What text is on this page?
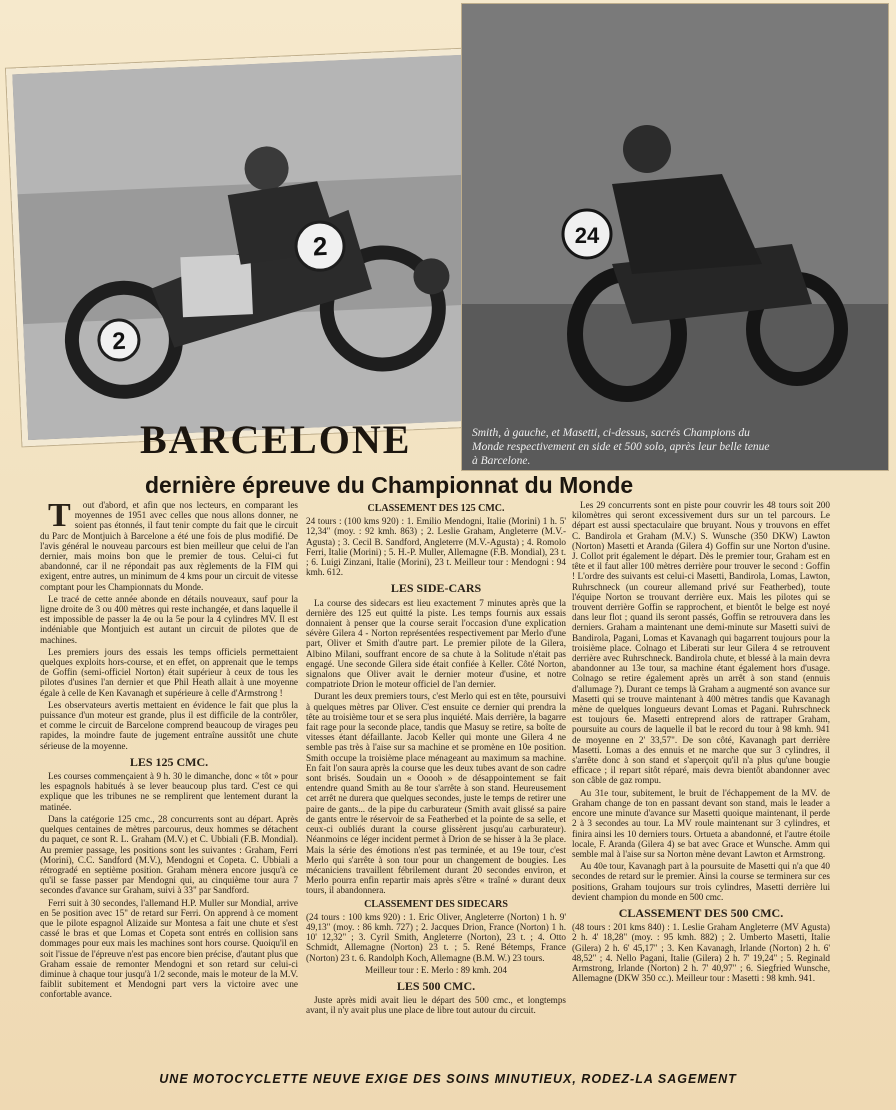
2
2
24
Smith, à gauche, et Masetti, ci-dessus, sacrés Champions du Monde respectivement en side et 500 solo, après leur belle tenue à Barcelone.
BARCELONE
dernière épreuve du Championnat du Monde

T out d'abord, et afin que nos lecteurs, en comparant les moyennes de 1951 avec celles que nous allons donner, ne soient pas étonnés, il faut tenir compte du fait que le circuit du Parc de Montjuich à Barcelone a été une fois de plus modifié. De l'avis général le nouveau parcours est bien meilleur que celui de l'an dernier, mais moins bon que le premier de tous. Celui-ci fut abandonné, car il ne répondait pas aux règlements de la FIM qui exigent, entre autres, un minimum de 4 kms pour un circuit de vitesse comptant pour les Championnats du Monde.

Le tracé de cette année abonde en détails nouveaux, sauf pour la ligne droite de 3 ou 400 mètres qui reste inchangée, et dans laquelle il est impossible de passer la 4e ou la 5e pour la 4 cylindres MV. Il est indéniable que Montjuich est autant un circuit de pilotes que de machines.

Les premiers jours des essais les temps officiels permettaient quelques exploits hors-course, et en effet, on apprenait que le temps de Goffin (semi-officiel Norton) était supérieur à ceux de tous les pilotes d'usines l'an dernier et que Phil Heath allait à une moyenne égale à celle de Ken Kavanagh et supérieure à celle d'Armstrong !

Les observateurs avertis mettaient en évidence le fait que plus la puissance d'un moteur est grande, plus il est difficile de la contrôler, et comme le circuit de Barcelone comprend beaucoup de virages peu rapides, la moindre faute de jugement entraîne aussitôt une chute sérieuse de la moyenne.

LES 125 CMC.

Les courses commençaient à 9 h. 30 le dimanche, donc « tôt » pour les espagnols habitués à se lever beaucoup plus tard. C'est ce qui explique que les tribunes ne se remplirent que lentement durant la matinée.

Dans la catégorie 125 cmc., 28 concurrents sont au départ. Après quelques centaines de mètres parcourus, deux hommes se détachent du paquet, ce sont R. L. Graham (M.V.) et C. Ubbiali (F.B. Mondial). Au premier passage, les positions sont les suivantes : Graham, Ferri (Morini), C.C. Sandford (M.V.), Mendogni et Copeta. C. Ubbiali a rétrogradé en septième position. Graham mènera encore jusqu'à ce qu'il se fasse passer par Mendogni qui, au cinquième tour aura 7 secondes d'avance sur Graham, suivi à 33" par Sandford.

Ferri suit à 30 secondes, l'allemand H.P. Muller sur Mondial, arrive en 5e position avec 15" de retard sur Ferri. On apprend à ce moment que le pilote espagnol Alizaide sur Montesa a fait une chute et s'est cassé le bras et que Lomas et Copeta sont entrés en collision sans dommages pour eux mais les machines sont hors course. Quoiqu'il en soit l'issue de l'épreuve n'est pas encore bien précise, d'autant plus que Graham essaie de remonter Mendogni et son retard sur celui-ci diminue à chaque tour jusqu'à 1/2 seconde, mais le moteur de la M.V. faiblit subitement et Mendogni part vers la victoire avec une confortable avance.

CLASSEMENT DES 125 CMC.

24 tours : (100 kms 920) : 1. Emilio Mendogni, Italie (Morini) 1 h. 5' 12,34" (moy. : 92 kmh. 863) ; 2. Leslie Graham, Angleterre (M.V.-Agusta) ; 3. Cecil B. Sandford, Angleterre (M.V.-Agusta) ; 4. Romolo Ferri, Italie (Morini) ; 5. H.-P. Muller, Allemagne (F.B. Mondial), 23 t. ; 6. Luigi Zinzani, Italie (Morini), 23 t. Meilleur tour : Mendogni : 94 kmh. 612.

LES SIDE-CARS

La course des sidecars est lieu exactement 7 minutes après que la dernière des 125 eut quitté la piste. Les temps fournis aux essais donnaient à penser que la course serait l'occasion d'une explication sévère Gilera 4 - Norton représentées respectivement par Merlo d'une part, Oliver et Smith d'autre part. Le premier pilote de la Gilera, Albino Milani, souffrant encore de sa chute à la Solitude n'était pas engagé. Une seconde Gilera side était confiée à Keller. Côté Norton, signalons que Oliver avait le dernier moteur d'usine, et notre compatriote Drion le moteur officiel de l'an dernier.

Durant les deux premiers tours, c'est Merlo qui est en tête, poursuivi à quelques mètres par Oliver. C'est ensuite ce dernier qui prendra la tête au troisième tour et se sera plus inquiété. Mais derrière, la bagarre fait rage pour la seconde place, tandis que Masuy se retire, sa boîte de vitesses étant défaillante. Jacob Keller qui monte une Gilera 4 ne semble pas très à l'aise sur sa machine et se promène en 10e position. Smith occupe la troisième place ménageant au maximum sa machine. En fait l'on saura après la course que les deux tubes avant de son cadre sont brisés. Soudain un « Ooooh » de désappointement se fait entendre quand Smith au 8e tour s'arrête à son stand. Heureusement cet arrêt ne durera que quelques secondes, juste le temps de retirer une paire de gants... de la pipe du carburateur (Smith avait glissé sa paire de gants entre le réservoir de sa Featherbed et la pointe de sa selle, et ceux-ci oubliés durant la course glissèrent jusqu'au carburateur). Néanmoins ce léger incident permet à Drion de se hisser à la 3e place. Mais la série des émotions n'est pas terminée, et au 19e tour, c'est Merlo qui s'arrête à son tour pour un changement de bougies. Les mécaniciens travaillent fébrilement durant 20 secondes environ, et Merlo pourra enfin repartir mais après s'être « traîné » durant deux tours, il abandonnera.

CLASSEMENT DES SIDECARS

(24 tours : 100 kms 920) : 1. Eric Oliver, Angleterre (Norton) 1 h. 9' 49,13" (moy. : 86 kmh. 727) ; 2. Jacques Drion, France (Norton) 1 h. 10' 12,32" ; 3. Cyril Smith, Angleterre (Norton), 23 t. ; 4. Otto Schmidt, Allemagne (Norton) 23 t. ; 5. René Bétemps, France (Norton) 23 t. 6. Randolph Koch, Allemagne (B.M. W.) 23 tours.

Meilleur tour : E. Merlo : 89 kmh. 204

LES 500 CMC.

Juste après midi avait lieu le départ des 500 cmc., et longtemps avant, il n'y avait plus une place de libre tout autour du circuit.

Les 29 concurrents sont en piste pour couvrir les 48 tours soit 200 kilomètres qui seront excessivement durs sur un tel parcours. Le départ est aussi spectaculaire que bruyant. Nous y trouvons en effet C. Bandirola et Graham (M.V.) S. Wunsche (350 DKW) Lawton (Norton) Masetti et Aranda (Gilera 4) Goffin sur une Norton d'usine. J. Collot prit également le départ. Dès le premier tour, Graham est en tête et il faut aller 100 mètres derrière pour trouver le second : Goffin ! L'ordre des suivants est celui-ci Masetti, Bandirola, Lomas, Lawton, Ruhrschneck (un coureur allemand privé sur Featherbed), toute l'équipe Norton se trouvant derrière eux. Mais les pilotes qui se trouvent derrière Goffin se rapprochent, et bientôt le belge est noyé dans leur flot ; quand ils seront passés, Goffin se retrouvera dans les derniers. Graham a maintenant une demi-minute sur Masetti suivi de Bandirola, Pagani, Lomas et Kavanagh qui bagarrent toujours pour la troisième place. Colnago et Liberati sur leur Gilera 4 se retrouvent derrière avec Ruhrschneck. Bandirola chute, et blessé à la main devra abandonner au 13e tour, sa machine étant également hors d'usage. Colnago se retire également après un arrêt à son stand (ennuis d'allumage ?). Durant ce temps là Graham a augmenté son avance sur Masetti qui se trouve maintenant à 400 mètres tandis que Kavanagh mène de quelques longueurs devant Lomas et Pagani. Ruhrschneck est toujours 6e. Masetti entreprend alors de rattraper Graham, poursuite au cours de laquelle il bat le record du tour à 98 kmh. 941 de moyenne en 2' 33,57". De son côté, Kavanagh part derrière Masetti. Lomas a des ennuis et ne marche que sur 3 cylindres, il s'arrête donc à son stand et s'aperçoit qu'il n'a plus qu'une bougie efficace ; il repart sitôt réparé, mais devra bientôt abandonner avec son câble de gaz rompu.

Au 31e tour, subitement, le bruit de l'échappement de la MV. de Graham change de ton en passant devant son stand, mais le leader a encore une minute d'avance sur Masetti quoique maintenant, il perde 2 à 3 secondes au tour. La MV roule maintenant sur 3 cylindres, et finira ainsi les 10 derniers tours. Ortueta a abandonné, et l'autre étoile locale, F. Aranda (Gilera 4) se bat avec Grace et Wunsche. Amm qui semble mal à l'aise sur sa Norton mène devant Lawton et Armstrong.

Au 40e tour, Kavanagh part à la poursuite de Masetti qui n'a que 40 secondes de retard sur le premier. Ainsi la course se terminera sur ces positions, Graham toujours sur trois cylindres, Masetti derrière lui devient champion du monde en 500 cmc.

CLASSEMENT DES 500 CMC.

(48 tours : 201 kms 840) : 1. Leslie Graham Angleterre (MV Agusta) 2 h. 4' 18,28" (moy. : 95 kmh. 882) ; 2. Umberto Masetti, Italie (Gilera) 2 h. 6' 45,17" ; 3. Ken Kavanagh, Irlande (Norton) 2 h. 6' 48,52" ; 4. Nello Pagani, Italie (Gilera) 2 h. 7' 19,24" ; 5. Reginald Armstrong, Irlande (Norton) 2 h. 7' 40,97" ; 6. Siegfried Wunsche, Allemagne (DKW 350 cc.). Meilleur tour : Masetti : 98 kmh. 941.

UNE MOTOCYCLETTE NEUVE EXIGE DES SOINS MINUTIEUX, RODEZ-LA SAGEMENT
